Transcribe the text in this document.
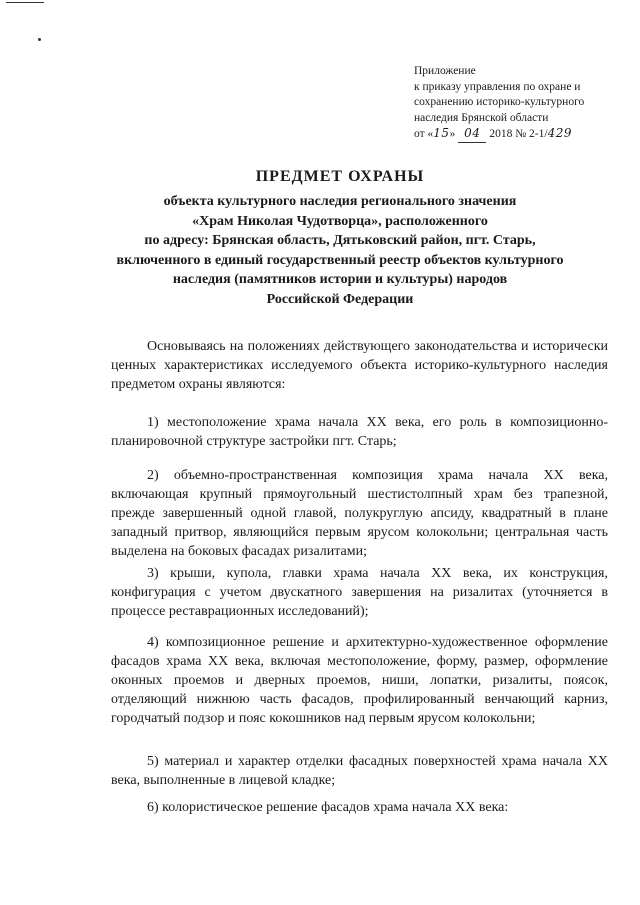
Приложение
к приказу управления по охране и
сохранению историко-культурного
наследия Брянской области
от «15» 04 2018 № 2-1/429
ПРЕДМЕТ ОХРАНЫ
объекта культурного наследия регионального значения
«Храм Николая Чудотворца», расположенного
по адресу: Брянская область, Дятьковский район, пгт. Старь,
включенного в единый государственный реестр объектов культурного
наследия (памятников истории и культуры) народов
Российской Федерации
Основываясь на положениях действующего законодательства и исторически ценных характеристиках исследуемого объекта историко-культурного наследия предметом охраны являются:
1) местоположение храма начала XX века, его роль в композиционно-планировочной структуре застройки пгт. Старь;
2) объемно-пространственная композиция храма начала XX века, включающая крупный прямоугольный шестистолпный храм без трапезной, прежде завершенный одной главой, полукруглую апсиду, квадратный в плане западный притвор, являющийся первым ярусом колокольни; центральная часть выделена на боковых фасадах ризалитами;
3) крыши, купола, главки храма начала XX века, их конструкция, конфигурация с учетом двускатного завершения на ризалитах (уточняется в процессе реставрационных исследований);
4) композиционное решение и архитектурно-художественное оформление фасадов храма XX века, включая местоположение, форму, размер, оформление оконных проемов и дверных проемов, ниши, лопатки, ризалиты, поясок, отделяющий нижнюю часть фасадов, профилированный венчающий карниз, городчатый подзор и пояс кокошников над первым ярусом колокольни;
5) материал и характер отделки фасадных поверхностей храма начала XX века, выполненные в лицевой кладке;
6) колористическое решение фасадов храма начала XX века:
